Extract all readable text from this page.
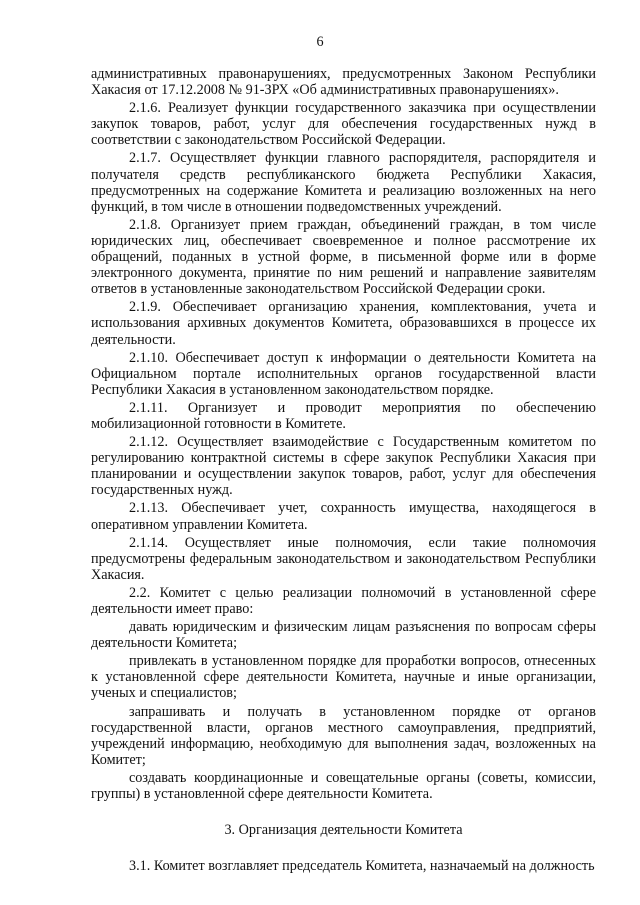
6

административных правонарушениях, предусмотренных Законом Республики Хакасия от 17.12.2008 № 91-ЗРХ «Об административных правонарушениях».

2.1.6. Реализует функции государственного заказчика при осуществлении закупок товаров, работ, услуг для обеспечения государственных нужд в соответствии с законодательством Российской Федерации.

2.1.7. Осуществляет функции главного распорядителя, распорядителя и получателя средств республиканского бюджета Республики Хакасия, предусмотренных на содержание Комитета и реализацию возложенных на него функций, в том числе в отношении подведомственных учреждений.

2.1.8. Организует прием граждан, объединений граждан, в том числе юридических лиц, обеспечивает своевременное и полное рассмотрение их обращений, поданных в устной форме, в письменной форме или в форме электронного документа, принятие по ним решений и направление заявителям ответов в установленные законодательством Российской Федерации сроки.

2.1.9. Обеспечивает организацию хранения, комплектования, учета и использования архивных документов Комитета, образовавшихся в процессе их деятельности.

2.1.10. Обеспечивает доступ к информации о деятельности Комитета на Официальном портале исполнительных органов государственной власти Республики Хакасия в установленном законодательством порядке.

2.1.11. Организует и проводит мероприятия по обеспечению мобилизационной готовности в Комитете.

2.1.12. Осуществляет взаимодействие с Государственным комитетом по регулированию контрактной системы в сфере закупок Республики Хакасия при планировании и осуществлении закупок товаров, работ, услуг для обеспечения государственных нужд.

2.1.13. Обеспечивает учет, сохранность имущества, находящегося в оперативном управлении Комитета.

2.1.14. Осуществляет иные полномочия, если такие полномочия предусмотрены федеральным законодательством и законодательством Республики Хакасия.

2.2. Комитет с целью реализации полномочий в установленной сфере деятельности имеет право:

давать юридическим и физическим лицам разъяснения по вопросам сферы деятельности Комитета;

привлекать в установленном порядке для проработки вопросов, отнесенных к установленной сфере деятельности Комитета, научные и иные организации, ученых и специалистов;

запрашивать и получать в установленном порядке от органов государственной власти, органов местного самоуправления, предприятий, учреждений информацию, необходимую для выполнения задач, возложенных на Комитет;

создавать координационные и совещательные органы (советы, комиссии, группы) в установленной сфере деятельности Комитета.

3. Организация деятельности Комитета

3.1. Комитет возглавляет председатель Комитета, назначаемый на должность
